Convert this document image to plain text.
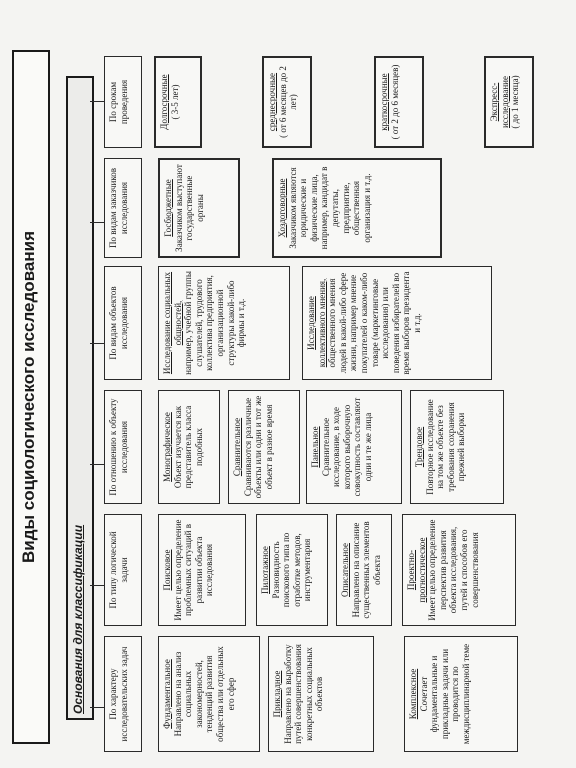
Виды социологического исследования
Основания для классификации	По характеру исследовательских задач	Фундаментальное Направлено на анализ социальных закономерностей, тенденций развития общества или отдельных его сфер	Прикладное Направлено на выработку путей совершенствования конкретных социальных объектов	Комплексное Сочетает фундаментальные и прикладные задачи или проводится по междисциплинарной теме
По типу логической задачи	Поисковое Имеет целью определение проблемных ситуаций в развитии объекта исследования	Пилотажное Разновидность поискового типа по отработке методов, инструментария	Описательное Направлено на описание существенных элементов объекта	Проектно-прогностическое Имеет целью определение перспектив развития объекта исследования, путей и способов его совершенствования
По отношению к объекту исследования	Монографическое Объект изучается как представитель класса подобных	Сравнительное Сравниваются различные объекты или одни и тот же объект в разное время	Панельное Сравнительное исследование, в ходе которого выборочную совокупность составляют одни и те же лица	Трендовое Повторное исследование на том же объекте без требования сохранения прежней выборки
По видам объектов исследования	Исследование социальных общностей, например, учебной группы слушателей, трудового коллектива предприятия, организационной структуры какой-либо фирмы и т.д.	Исследование коллективного мнения, общественного мнения людей в какой-либо сфере жизни, например мнение покупателей о каком-либо товаре (маркетинговые исследования) или поведения избирателей во время выборов президента и т.д.
По видам заказчиков исследования	Госбюджетные Заказчиком выступают государственные органы	Хоздоговорные Заказчиком являются юридические и физические лица, например, кандидат в депутаты, предприятие, общественная организация и т.д.
По срокам проведения	Долгосрочные ( 3-5 лет)	среднесрочные ( от 6 месяцев до 2 лет)	краткосрочные ( от 2 до 6 месяцев)	Экспресс-исследование ( до 1 месяца)
